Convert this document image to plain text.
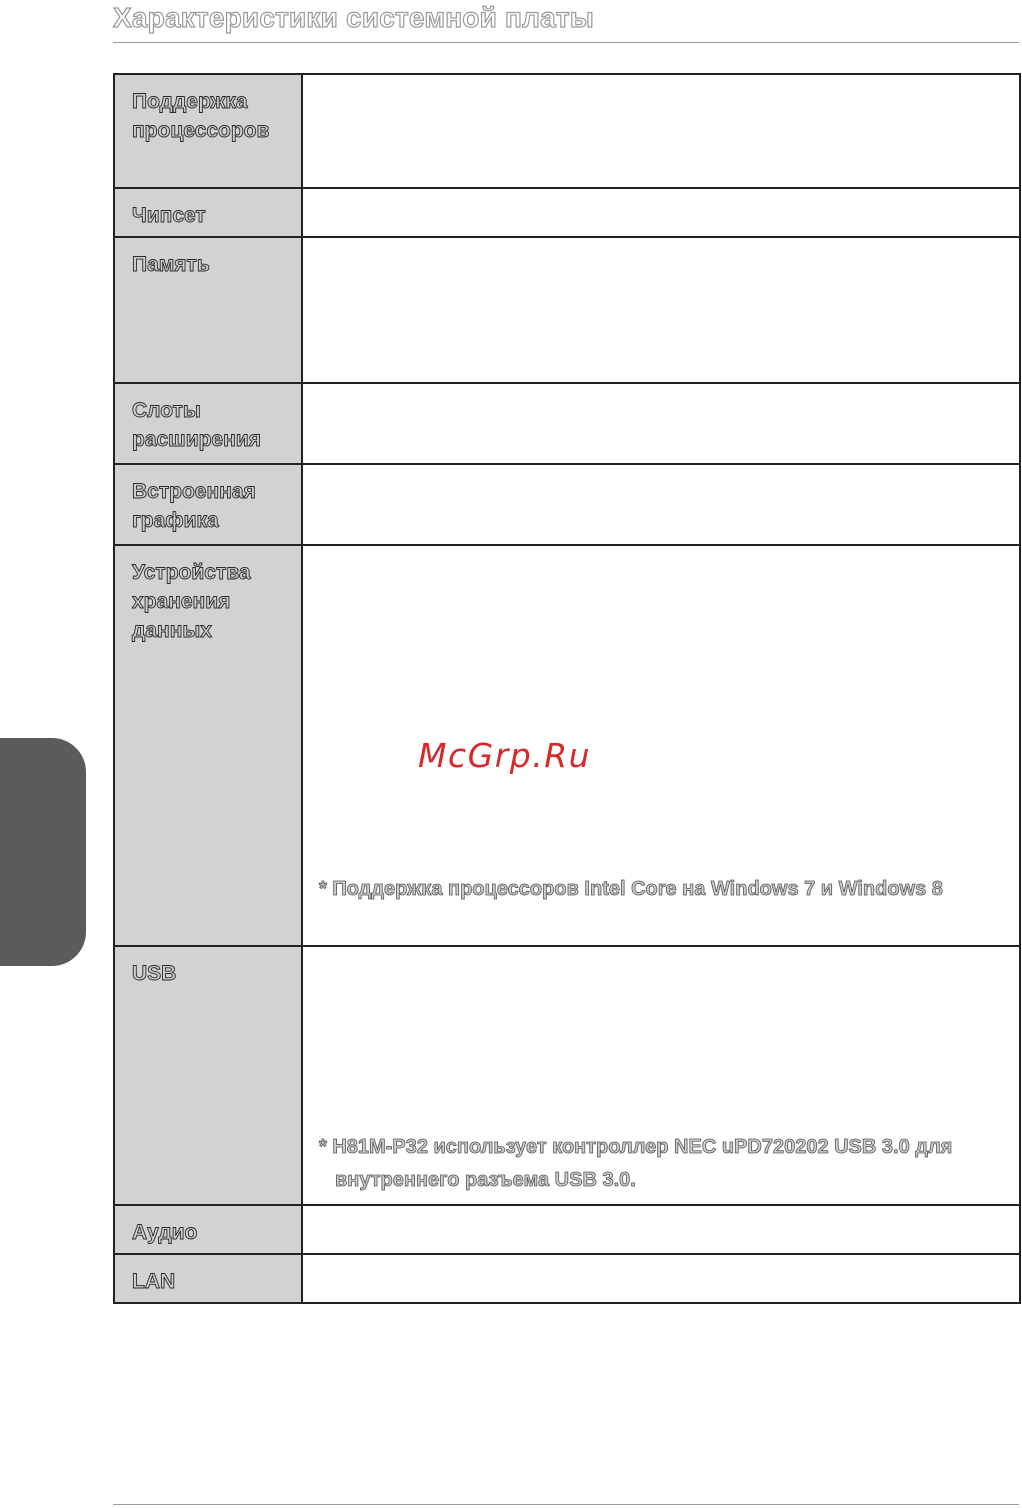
Характеристики системной платы
Поддержка
процессоров	

Чипсет	

Память	

Слоты
расширения	

Встроенная
графика	

Устройства
хранения
данных	* Поддержка процессоров Intel Core на Windows 7 и Windows 8

USB	* H81M-P32 использует контроллер NEC uPD720202 USB 3.0 для внутреннего разъема USB 3.0.

Аудио	

LAN	

McGrp.Ru
